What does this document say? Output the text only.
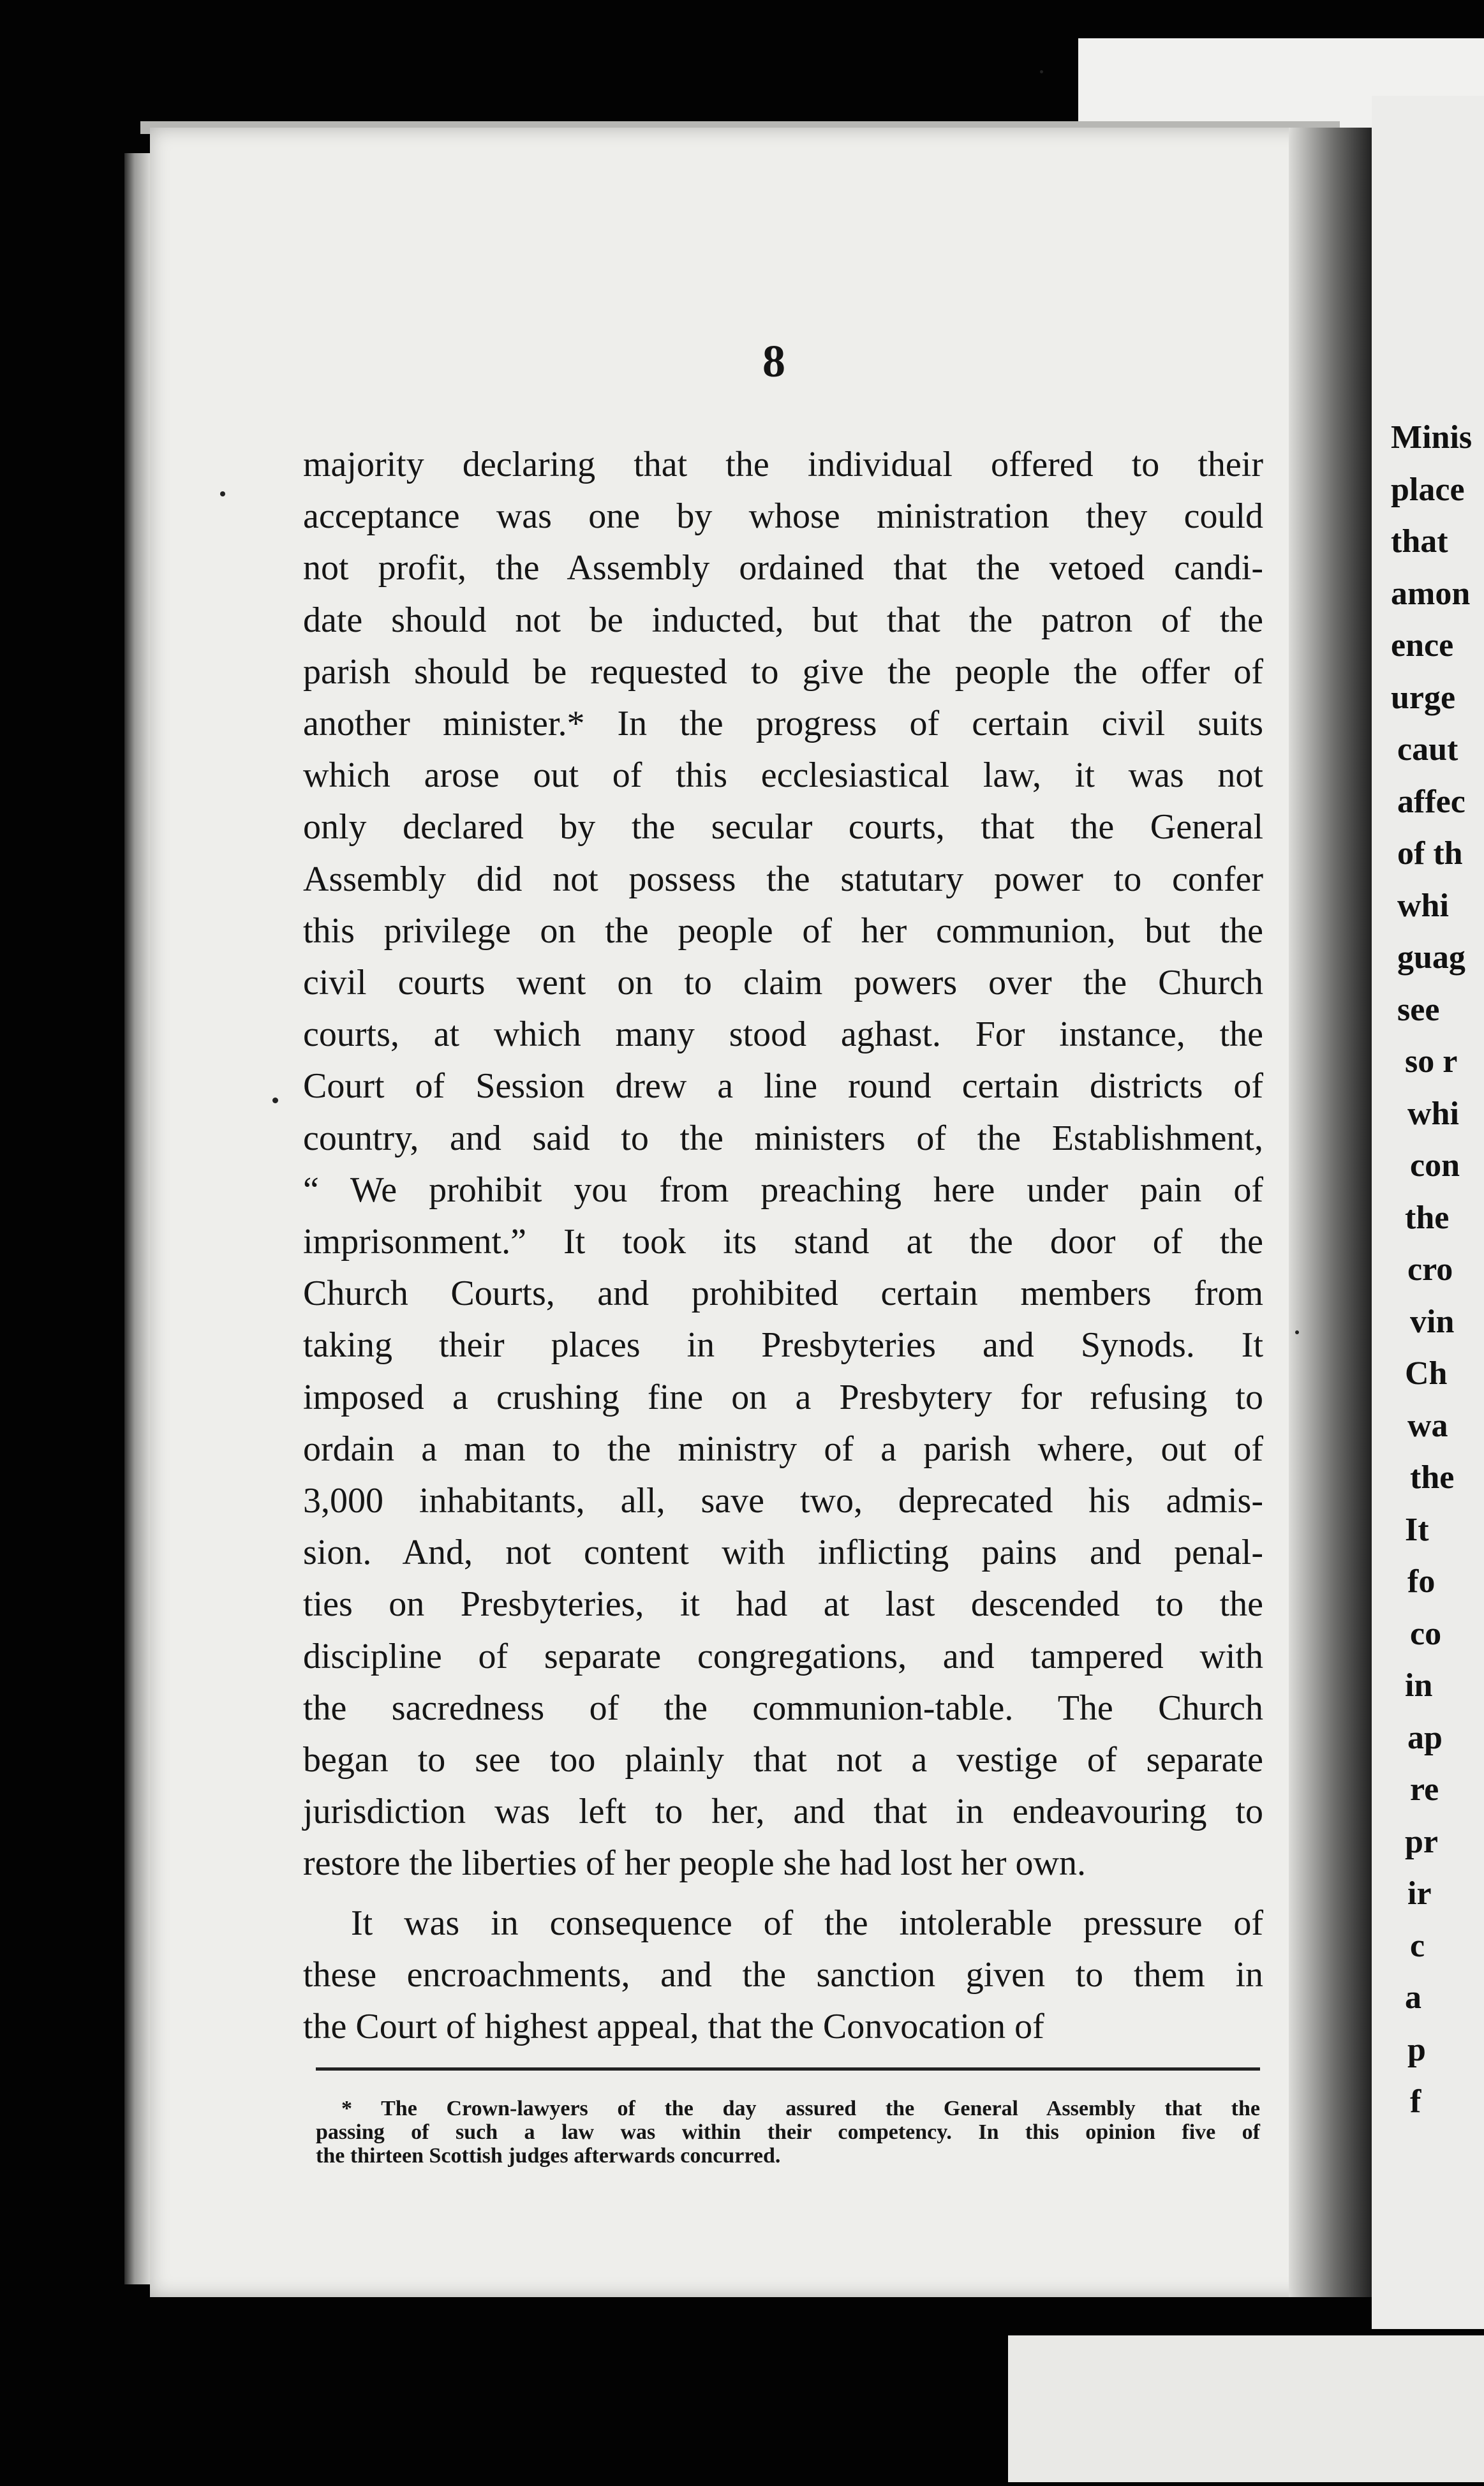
Minis
place
that
amon
ence
urge
caut
affec
of th
whi
guag
see
so r
whi
con
the
cro
vin
Ch
wa
the
It
fo
co
in
ap
re
pr
ir
c
a
p
f
8
majority declaring that the individual offered to their
acceptance was one by whose ministration they could
not profit, the Assembly ordained that the vetoed candi-
date should not be inducted, but that the patron of the
parish should be requested to give the people the offer of
another minister.* In the progress of certain civil suits
which arose out of this ecclesiastical law, it was not
only declared by the secular courts, that the General
Assembly did not possess the statutary power to confer
this privilege on the people of her communion, but the
civil courts went on to claim powers over the Church
courts, at which many stood aghast. For instance, the
Court of Session drew a line round certain districts of
country, and said to the ministers of the Establishment,
“ We prohibit you from preaching here under pain of
imprisonment.” It took its stand at the door of the
Church Courts, and prohibited certain members from
taking their places in Presbyteries and Synods. It
imposed a crushing fine on a Presbytery for refusing to
ordain a man to the ministry of a parish where, out of
3,000 inhabitants, all, save two, deprecated his admis-
sion. And, not content with inflicting pains and penal-
ties on Presbyteries, it had at last descended to the
discipline of separate congregations, and tampered with
the sacredness of the communion-table. The Church
began to see too plainly that not a vestige of separate
jurisdiction was left to her, and that in endeavouring to
restore the liberties of her people she had lost her own.
It was in consequence of the intolerable pressure of
these encroachments, and the sanction given to them in
the Court of highest appeal, that the Convocation of
* The Crown-lawyers of the day assured the General Assembly that the
passing of such a law was within their competency. In this opinion five of
the thirteen Scottish judges afterwards concurred.
